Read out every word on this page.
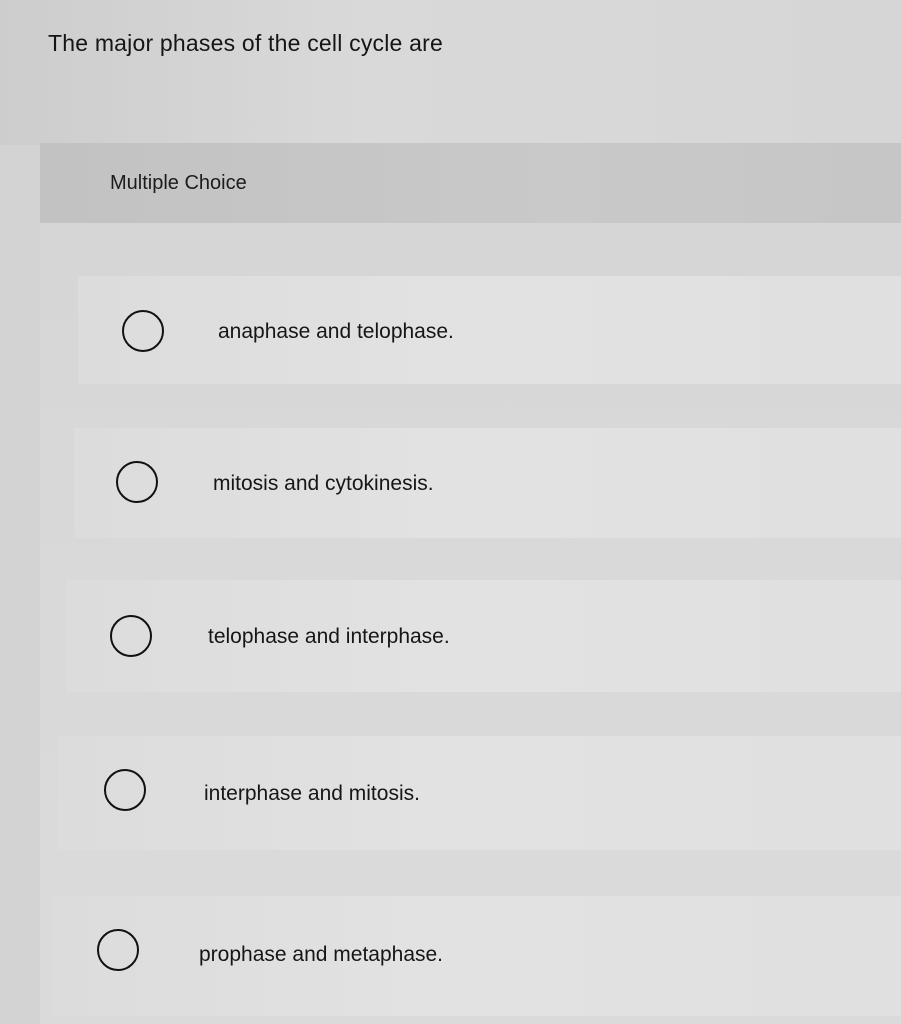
The major phases of the cell cycle are
Multiple Choice
anaphase and telophase.
mitosis and cytokinesis.
telophase and interphase.
interphase and mitosis.
prophase and metaphase.
